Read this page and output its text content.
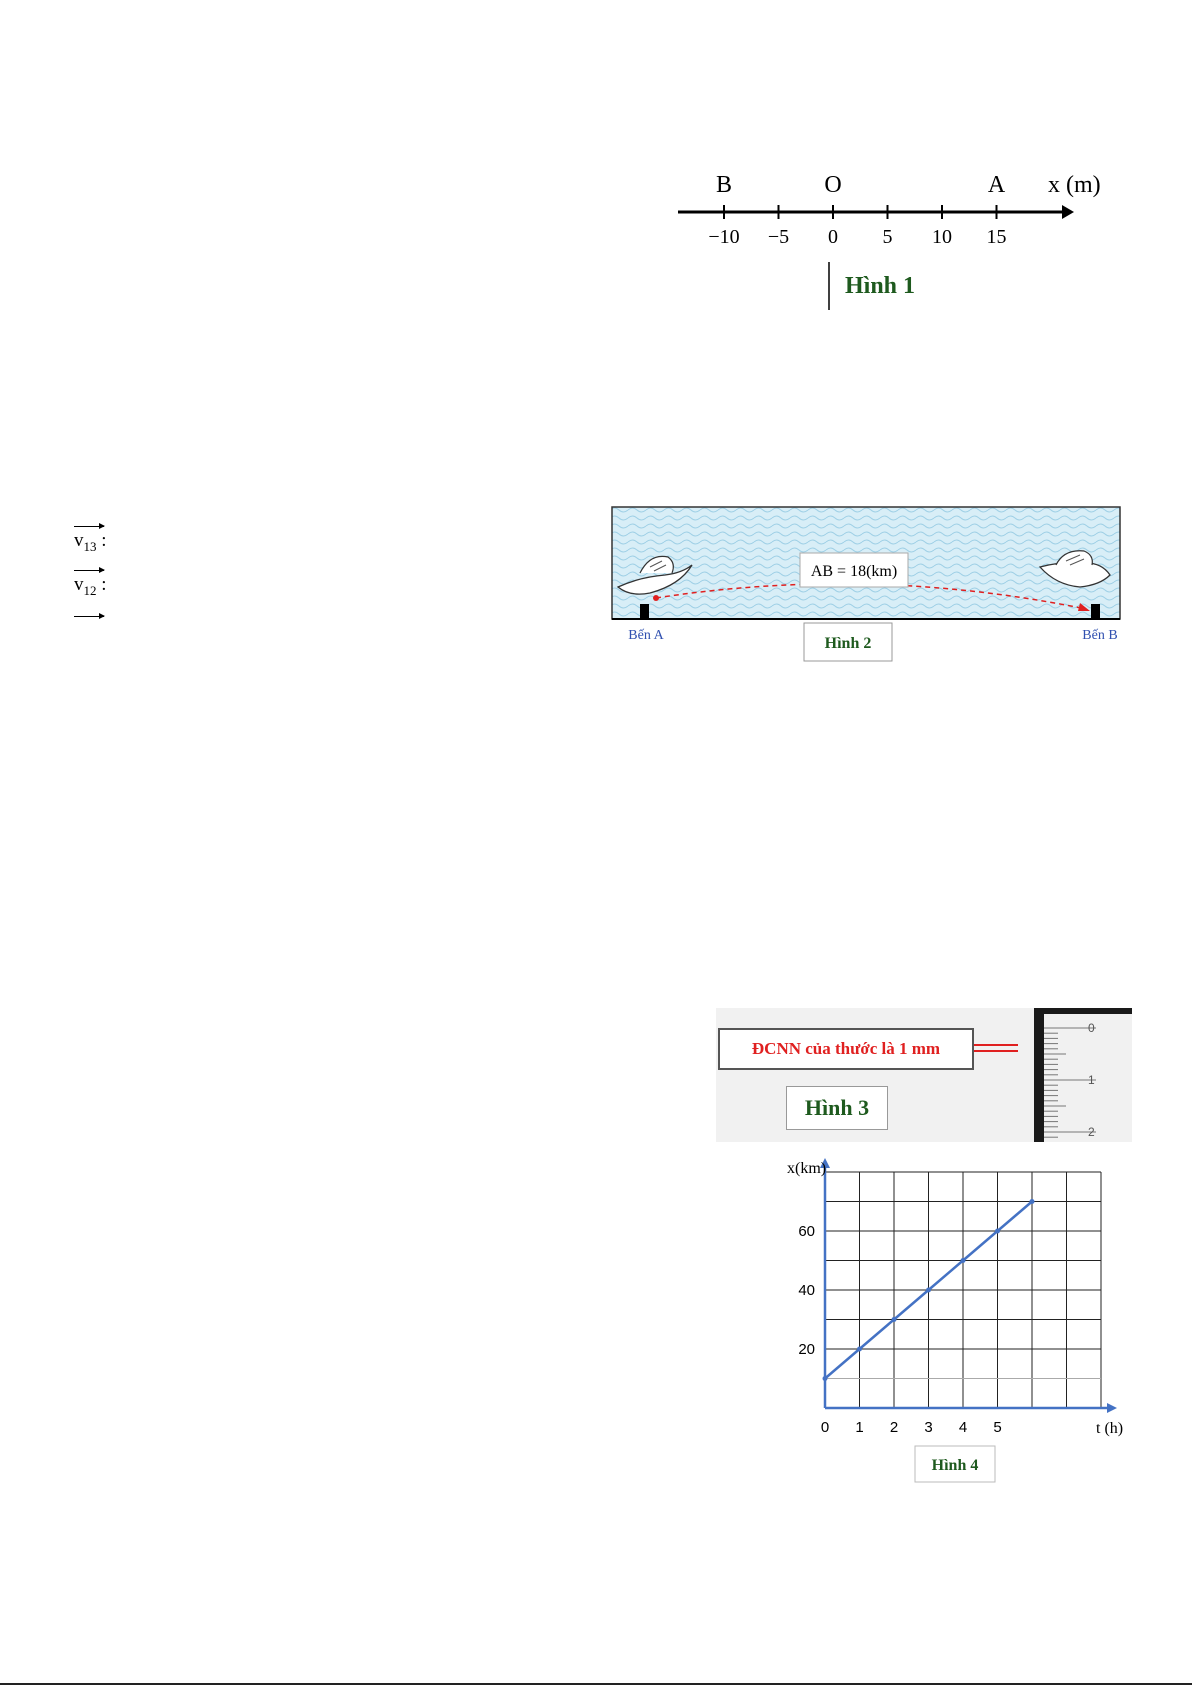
−10 −5 0 5 10 15
B	O	A x (m)
Hình 1
$v_{13}$ :
$v_{12}$ :
AB = 18(km)
Bến A	Bến B
Hình 2
ĐCNN của thước là 1 mm
Hình 3
0
1
2
0 1 2 3 4 5
20
40
60
x(km)
t (h)
Hình 4
